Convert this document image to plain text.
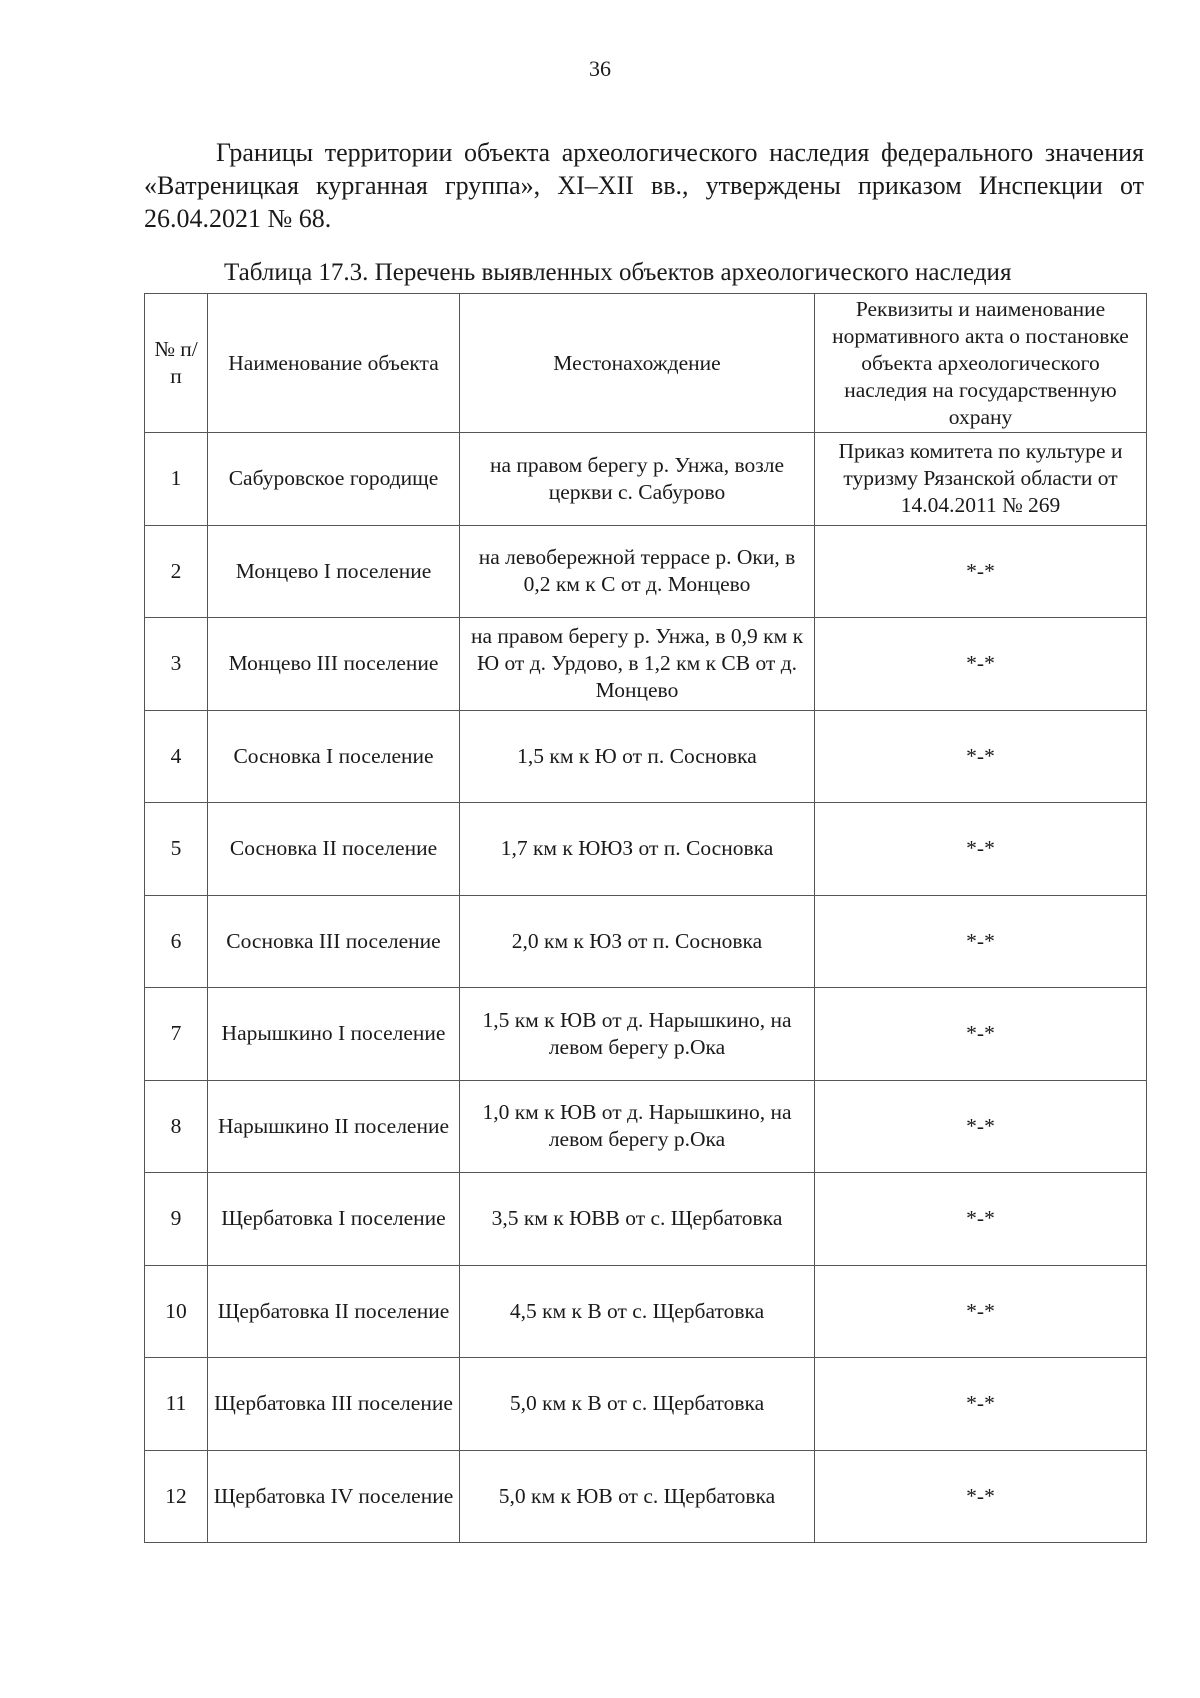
36

Границы территории объекта археологического наследия федерального значения «Ватреницкая курганная группа», XI–XII вв., утверждены приказом Инспекции от 26.04.2021 № 68.

Таблица 17.3. Перечень выявленных объектов археологического наследия
№ п/п	Наименование объекта	Местонахождение	Реквизиты и наименование нормативного акта о постановке объекта археологического наследия на государственную охрану
1	Сабуровское городище	на правом берегу р. Унжа, возле церкви с. Сабурово	Приказ комитета по культуре и туризму Рязанской области от 14.04.2011 № 269
2	Монцево I поселение	на левобережной террасе р. Оки, в 0,2 км к С от д. Монцево	*-*
3	Монцево III поселение	на правом берегу р. Унжа, в 0,9 км к Ю от д. Урдово, в 1,2 км к СВ от д. Монцево	*-*
4	Сосновка I поселение	1,5 км к Ю от п. Сосновка	*-*
5	Сосновка II поселение	1,7 км к ЮЮЗ от п. Сосновка	*-*
6	Сосновка III поселение	2,0 км к ЮЗ от п. Сосновка	*-*
7	Нарышкино I поселение	1,5 км к ЮВ от д. Нарышкино, на левом берегу р.Ока	*-*
8	Нарышкино II поселение	1,0 км к ЮВ от д. Нарышкино, на левом берегу р.Ока	*-*
9	Щербатовка I поселение	3,5 км к ЮВВ от с. Щербатовка	*-*
10	Щербатовка II поселение	4,5 км к В от с. Щербатовка	*-*
11	Щербатовка III поселение	5,0 км к В от с. Щербатовка	*-*
12	Щербатовка IV поселение	5,0 км к ЮВ от с. Щербатовка	*-*
